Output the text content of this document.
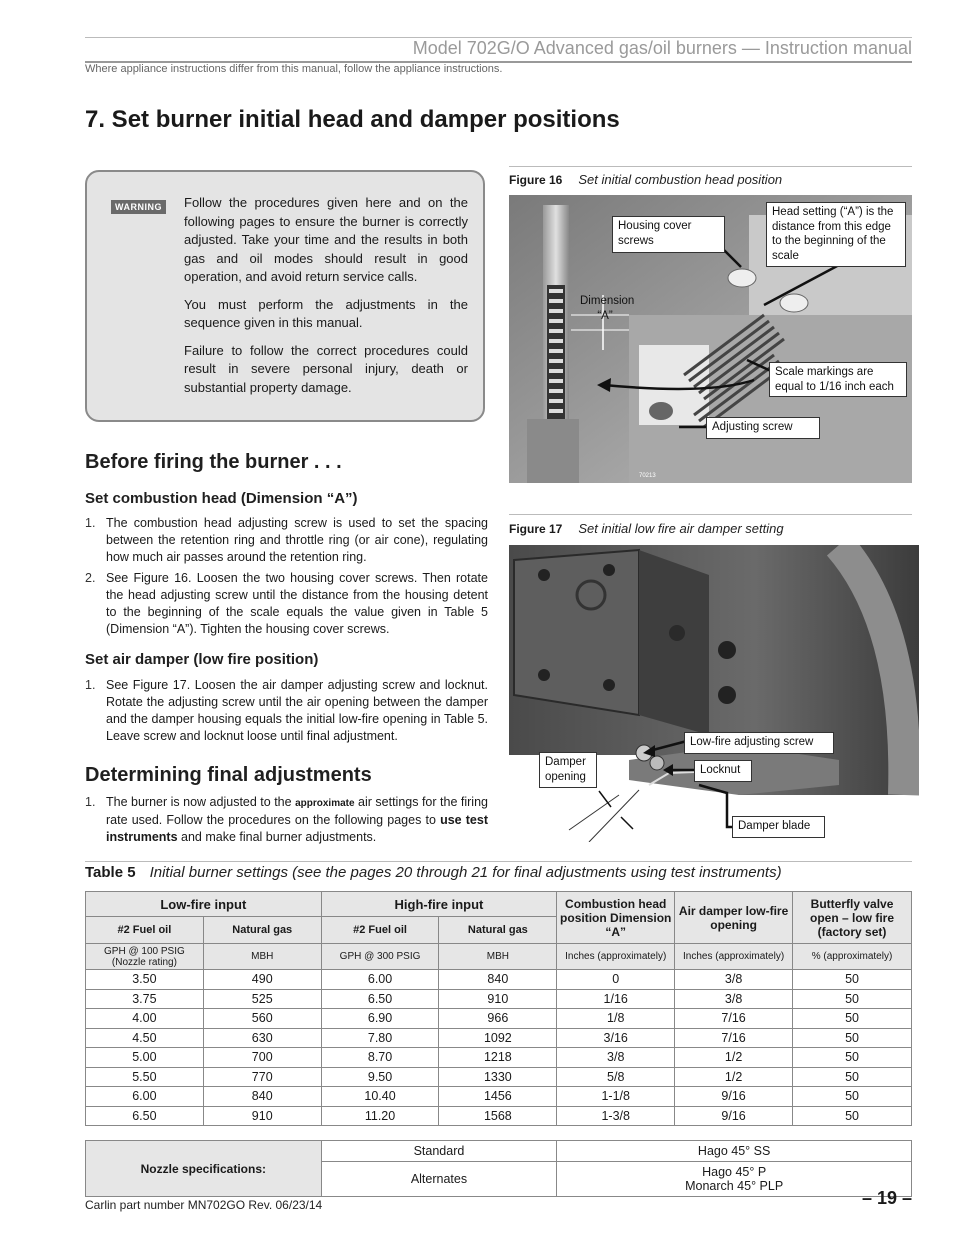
Model 702G/O Advanced gas/oil burners — Instruction manual
Where appliance instructions differ from this manual, follow the appliance instructions.
7. Set burner initial head and damper positions
WARNING	Follow the procedures given here and on the following pages to ensure the burner is correctly adjusted. Take your time and the results in both gas and oil modes should result in good operation, and avoid return service calls.

You must perform the adjustments in the sequence given in this manual.

Failure to follow the correct procedures could result in severe personal injury, death or substantial property damage.

Before firing the burner . . .
Set combustion head (Dimension “A”)
1. The combustion head adjusting screw is used to set the spacing between the retention ring and throttle ring (or air cone), regulating how much air passes around the retention ring.
2. See Figure 16. Loosen the two housing cover screws. Then rotate the head adjusting screw until the distance from the housing detent to the beginning of the scale equals the value given in Table 5 (Dimension “A”). Tighten the housing cover screws.
Set air damper (low fire position)
1. See Figure 17. Loosen the air damper adjusting screw and locknut. Rotate the adjusting screw until the air opening between the damper and the damper housing equals the initial low-fire opening in Table 5. Leave screw and locknut loose until final adjustment.
Determining final adjustments
1. The burner is now adjusted to the approximate air settings for the firing rate used. Follow the procedures on the following pages to use test instruments and make final burner adjustments.
Figure 16 Set initial combustion head position
70213
Housing cover screws
Head setting (“A”) is the distance from this edge to the beginning of the scale
Dimension
“A”
Scale markings are equal to 1/16 inch each
Adjusting screw
Figure 17 Set initial low fire air damper setting
70215
Damper opening
Low-fire adjusting screw
Locknut
Damper blade
Table 5 Initial burner settings (see the pages 20 through 21 for final adjustments using test instruments)
Low-fire input		High-fire input		Combustion head position Dimension “A”	Air damper low-fire opening	Butterfly valve open – low fire (factory set)
#2 Fuel oil	Natural gas	#2 Fuel oil	Natural gas			
GPH @ 100 PSIG (Nozzle rating)	MBH	GPH @ 300 PSIG	MBH	Inches (approximately)	Inches (approximately)	% (approximately)
3.50	490	6.00	840	0	3/8	50
3.75	525	6.50	910	1/16	3/8	50
4.00	560	6.90	966	1/8	7/16	50
4.50	630	7.80	1092	3/16	7/16	50
5.00	700	8.70	1218	3/8	1/2	50
5.50	770	9.50	1330	5/8	1/2	50
6.00	840	10.40	1456	1-1/8	9/16	50
6.50	910	11.20	1568	1-3/8	9/16	50

Nozzle specifications:		Standard		Hago 45° SS		
		Alternates		Hago 45° P
Monarch 45° PLP		
Carlin part number MN702GO Rev. 06/23/14	– 19 –
